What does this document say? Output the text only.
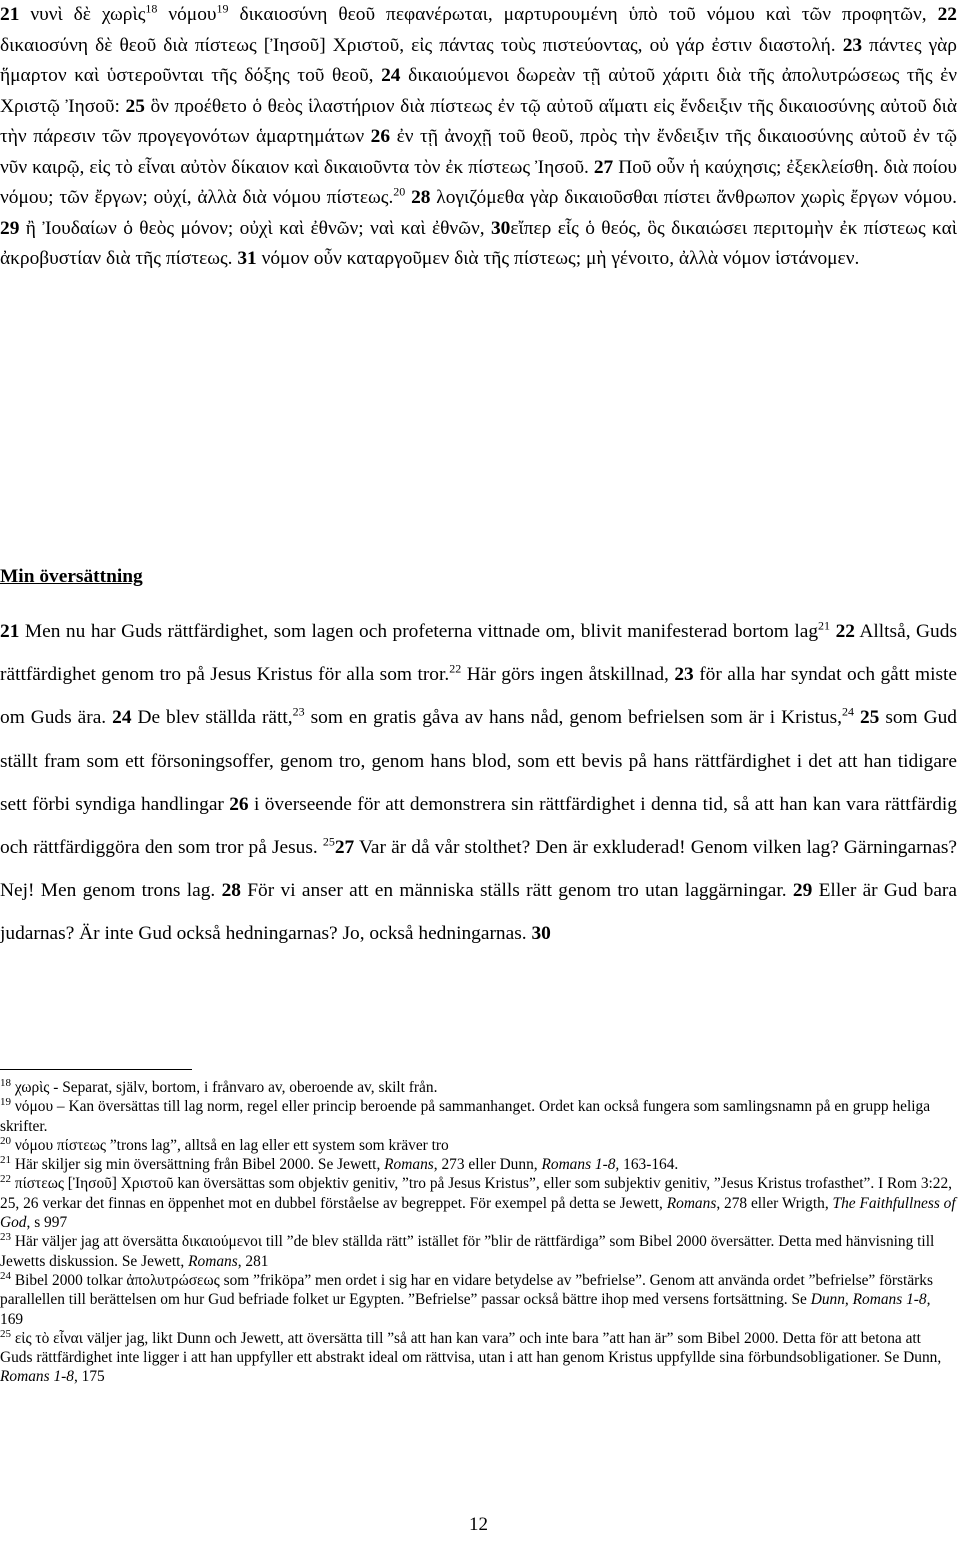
21 νυνὶ δὲ χωρὶς$^{18}$ νόμου$^{19}$ δικαιοσύνη θεοῦ πεφανέρωται, μαρτυρουμένη ὑπὸ τοῦ νόμου καὶ τῶν προφητῶν, 22 δικαιοσύνη δὲ θεοῦ διὰ πίστεως [Ἰησοῦ] Χριστοῦ, εἰς πάντας τοὺς πιστεύοντας, οὐ γάρ ἐστιν διαστολή. 23 πάντες γὰρ ἥμαρτον καὶ ὑστεροῦνται τῆς δόξης τοῦ θεοῦ, 24 δικαιούμενοι δωρεὰν τῇ αὐτοῦ χάριτι διὰ τῆς ἀπολυτρώσεως τῆς ἐν Χριστῷ Ἰησοῦ: 25 ὃν προέθετο ὁ θεὸς ἱλαστήριον διὰ πίστεως ἐν τῷ αὐτοῦ αἵματι εἰς ἔνδειξιν τῆς δικαιοσύνης αὐτοῦ διὰ τὴν πάρεσιν τῶν προγεγονότων ἁμαρτημάτων 26 ἐν τῇ ἀνοχῇ τοῦ θεοῦ, πρὸς τὴν ἔνδειξιν τῆς δικαιοσύνης αὐτοῦ ἐν τῷ νῦν καιρῷ, εἰς τὸ εἶναι αὐτὸν δίκαιον καὶ δικαιοῦντα τὸν ἐκ πίστεως Ἰησοῦ. 27 Ποῦ οὖν ἡ καύχησις; ἐξεκλείσθη. διὰ ποίου νόμου; τῶν ἔργων; οὐχί, ἀλλὰ διὰ νόμου πίστεως.$^{20}$ 28 λογιζόμεθα γὰρ δικαιοῦσθαι πίστει ἄνθρωπον χωρὶς ἔργων νόμου. 29 ἢ Ἰουδαίων ὁ θεὸς μόνον; οὐχὶ καὶ ἐθνῶν; ναὶ καὶ ἐθνῶν, 30εἴπερ εἷς ὁ θεός, ὃς δικαιώσει περιτομὴν ἐκ πίστεως καὶ ἀκροβυστίαν διὰ τῆς πίστεως. 31 νόμον οὖν καταργοῦμεν διὰ τῆς πίστεως; μὴ γένοιτο, ἀλλὰ νόμον ἱστάνομεν.

Min översättning

21 Men nu har Guds rättfärdighet, som lagen och profeterna vittnade om, blivit manifesterad bortom lag$^{21}$ 22 Alltså, Guds rättfärdighet genom tro på Jesus Kristus för alla som tror.$^{22}$ Här görs ingen åtskillnad, 23 för alla har syndat och gått miste om Guds ära. 24 De blev ställda rätt,$^{23}$ som en gratis gåva av hans nåd, genom befrielsen som är i Kristus,$^{24}$ 25 som Gud ställt fram som ett försoningsoffer, genom tro, genom hans blod, som ett bevis på hans rättfärdighet i det att han tidigare sett förbi syndiga handlingar 26 i överseende för att demonstrera sin rättfärdighet i denna tid, så att han kan vara rättfärdig och rättfärdiggöra den som tror på Jesus. $^{25}$27 Var är då vår stolthet? Den är exkluderad! Genom vilken lag? Gärningarnas? Nej! Men genom trons lag. 28 För vi anser att en människa ställs rätt genom tro utan laggärningar. 29 Eller är Gud bara judarnas? Är inte Gud också hedningarnas? Jo, också hedningarnas. 30

$^{18}$ χωρὶς - Separat, själv, bortom, i frånvaro av, oberoende av, skilt från.

$^{19}$ νόμου – Kan översättas till lag norm, regel eller princip beroende på sammanhanget. Ordet kan också fungera som samlingsnamn på en grupp heliga skrifter.

$^{20}$ νόμου πίστεως ”trons lag”, alltså en lag eller ett system som kräver tro

$^{21}$ Här skiljer sig min översättning från Bibel 2000. Se Jewett, Romans, 273 eller Dunn, Romans 1-8, 163-164.

$^{22}$ πίστεως [Ἰησοῦ] Χριστοῦ kan översättas som objektiv genitiv, ”tro på Jesus Kristus”, eller som subjektiv genitiv, ”Jesus Kristus trofasthet”. I Rom 3:22, 25, 26 verkar det finnas en öppenhet mot en dubbel förståelse av begreppet. För exempel på detta se Jewett, Romans, 278 eller Wrigth, The Faithfullness of God, s 997

$^{23}$ Här väljer jag att översätta δικαιούμενοι till ”de blev ställda rätt” istället för ”blir de rättfärdiga” som Bibel 2000 översätter. Detta med hänvisning till Jewetts diskussion. Se Jewett, Romans, 281

$^{24}$ Bibel 2000 tolkar ἀπολυτρώσεως som ”friköpa” men ordet i sig har en vidare betydelse av ”befrielse”. Genom att använda ordet ”befrielse” förstärks parallellen till berättelsen om hur Gud befriade folket ur Egypten. ”Befrielse” passar också bättre ihop med versens fortsättning. Se Dunn, Romans 1-8, 169

$^{25}$ εἰς τὸ εἶναι väljer jag, likt Dunn och Jewett, att översätta till ”så att han kan vara” och inte bara ”att han är” som Bibel 2000. Detta för att betona att Guds rättfärdighet inte ligger i att han uppfyller ett abstrakt ideal om rättvisa, utan i att han genom Kristus uppfyllde sina förbundsobligationer. Se Dunn, Romans 1-8, 175

12
